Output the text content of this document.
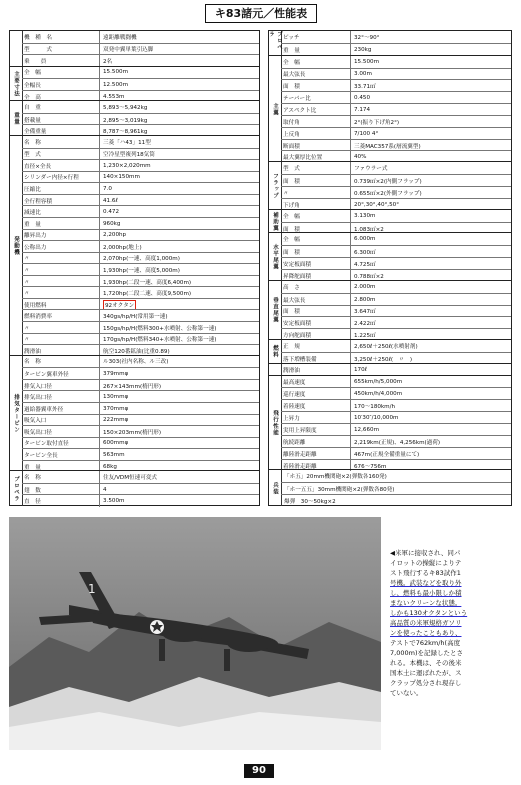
キ83諸元／性能表
機　種　名	遠距離戦闘機
型　　　式	双発中翼単葉引込脚
乗　　員	2名
主要寸法 全　幅	15.500m
全幅長	12.500m
全　高	4.553m
重量
自　重	5,893〜5,942kg
搭載量	2,895〜3,019kg
全備重量	8,787〜8,961kg
発動機
名　称	三菱「ハ43」11型
型　式	空冷星型複列18気筒
直径×全長	1,230×2,020mm
シリンダー内径×行程	140×150mm
圧縮比	7.0
全行程容積	41.6ℓ
減速比	0.472
重　量	960kg
離昇出力	2,200hp
公称出力	2,000hp(地上)
〃	2,070hp(一速、高度1,000m)
〃	1,930hp(一速、高度5,000m)
〃	1,930hp(二段一速、高度6,400m)
〃	1,720hp(二段二速、高度9,500m)
使用燃料	92オクタン
燃料消費率	340gs/hp/H(常用第一速)
〃	150gs/hp/H(燃料300+水噴射、公称第一速)
〃	170gs/hp/H(燃料340+水噴射、公称第一速)
潤滑油	航空120番鉱油(比重0.89)
排気タービン
名　称	ル303(社内名称、ル三改)
タービン翼車外径	379mmφ
排気入口径	267×143mm(楕円形)
排気出口径	130mmφ
過給器翼車外径	370mmφ
吸気入口	222mmφ
吸気出口径	150×203mm(楕円形)
タービン取付直径	600mmφ
タービン全長	563mm
重　量	68kg
プロペラ 名　称	住友/VDM恒速可変式
翅　数	4
直　径	3.500m
プロペラ
ピッチ	32°〜90°
重　量	230kg
主翼
全　幅	15.500m
最大弦長	3.00m
面　積	33.71㎡
テーパー比	0.450
アスペクト比	7.174
取付角	2°(振り下げ角2°)
上反角	7/100 4°
断面積	三菱MAC357系(層流翼型)
最大翼厚比位置	40%
フラップ
型　式	ファウラー式
面　積	0.739㎡×2(内側フラップ)
〃	0.655㎡×2(外側フラップ)
下げ角	20°,30°,40°,50°
補助翼 全　幅	3.130m
面　積	1.083㎡×2
水平尾翼
全　幅	6.000m
面　積	6.300㎡
安定板面積	4.725㎡
昇降舵面積	0.788㎡×2
垂直尾翼
高　さ	2.000m
最大弦長	2.800m
面　積	3.647㎡
安定板面積	2.422㎡
方向舵面積	1.225㎡
燃料 正　規	2,650ℓ＋250ℓ(水噴射剤)
落下増槽装備	3,250ℓ＋250ℓ(　〃　)
潤滑油	170ℓ
飛行性能
最高速度	655km/h/5,000m
巡行速度	450km/h/4,000m
着陸速度	170〜180km/h
上昇力	10′30″/10,000m
実用上昇限度	12,660m
航続距離	2,219km(正規)、4,256km(過荷)
離陸滑走距離	467m(正規全備重量にて)
着陸滑走距離	676〜756m
兵装
「ホ五」20mm機関砲×2(弾数各160発)
「ホ一五五」30mm機関砲×2(弾数各80発)
爆弾　30〜50kg×2
1
◀米軍に接収され、同パ
イロットの操縦によりテ
スト飛行するキ83試作1
号機。武装などを取り外
し、燃料も最小限しか積
まないクリーンな状態。
しかも130オクタンという
高品質の米軍規格ガソリ
ンを使ったこともあり、
テストで762km/h(高度
7,000m)を記録したとさ
れる。本機は、その後米
国本土に運ばれたが、ス
クラップ処分され現存し
ていない。
90
